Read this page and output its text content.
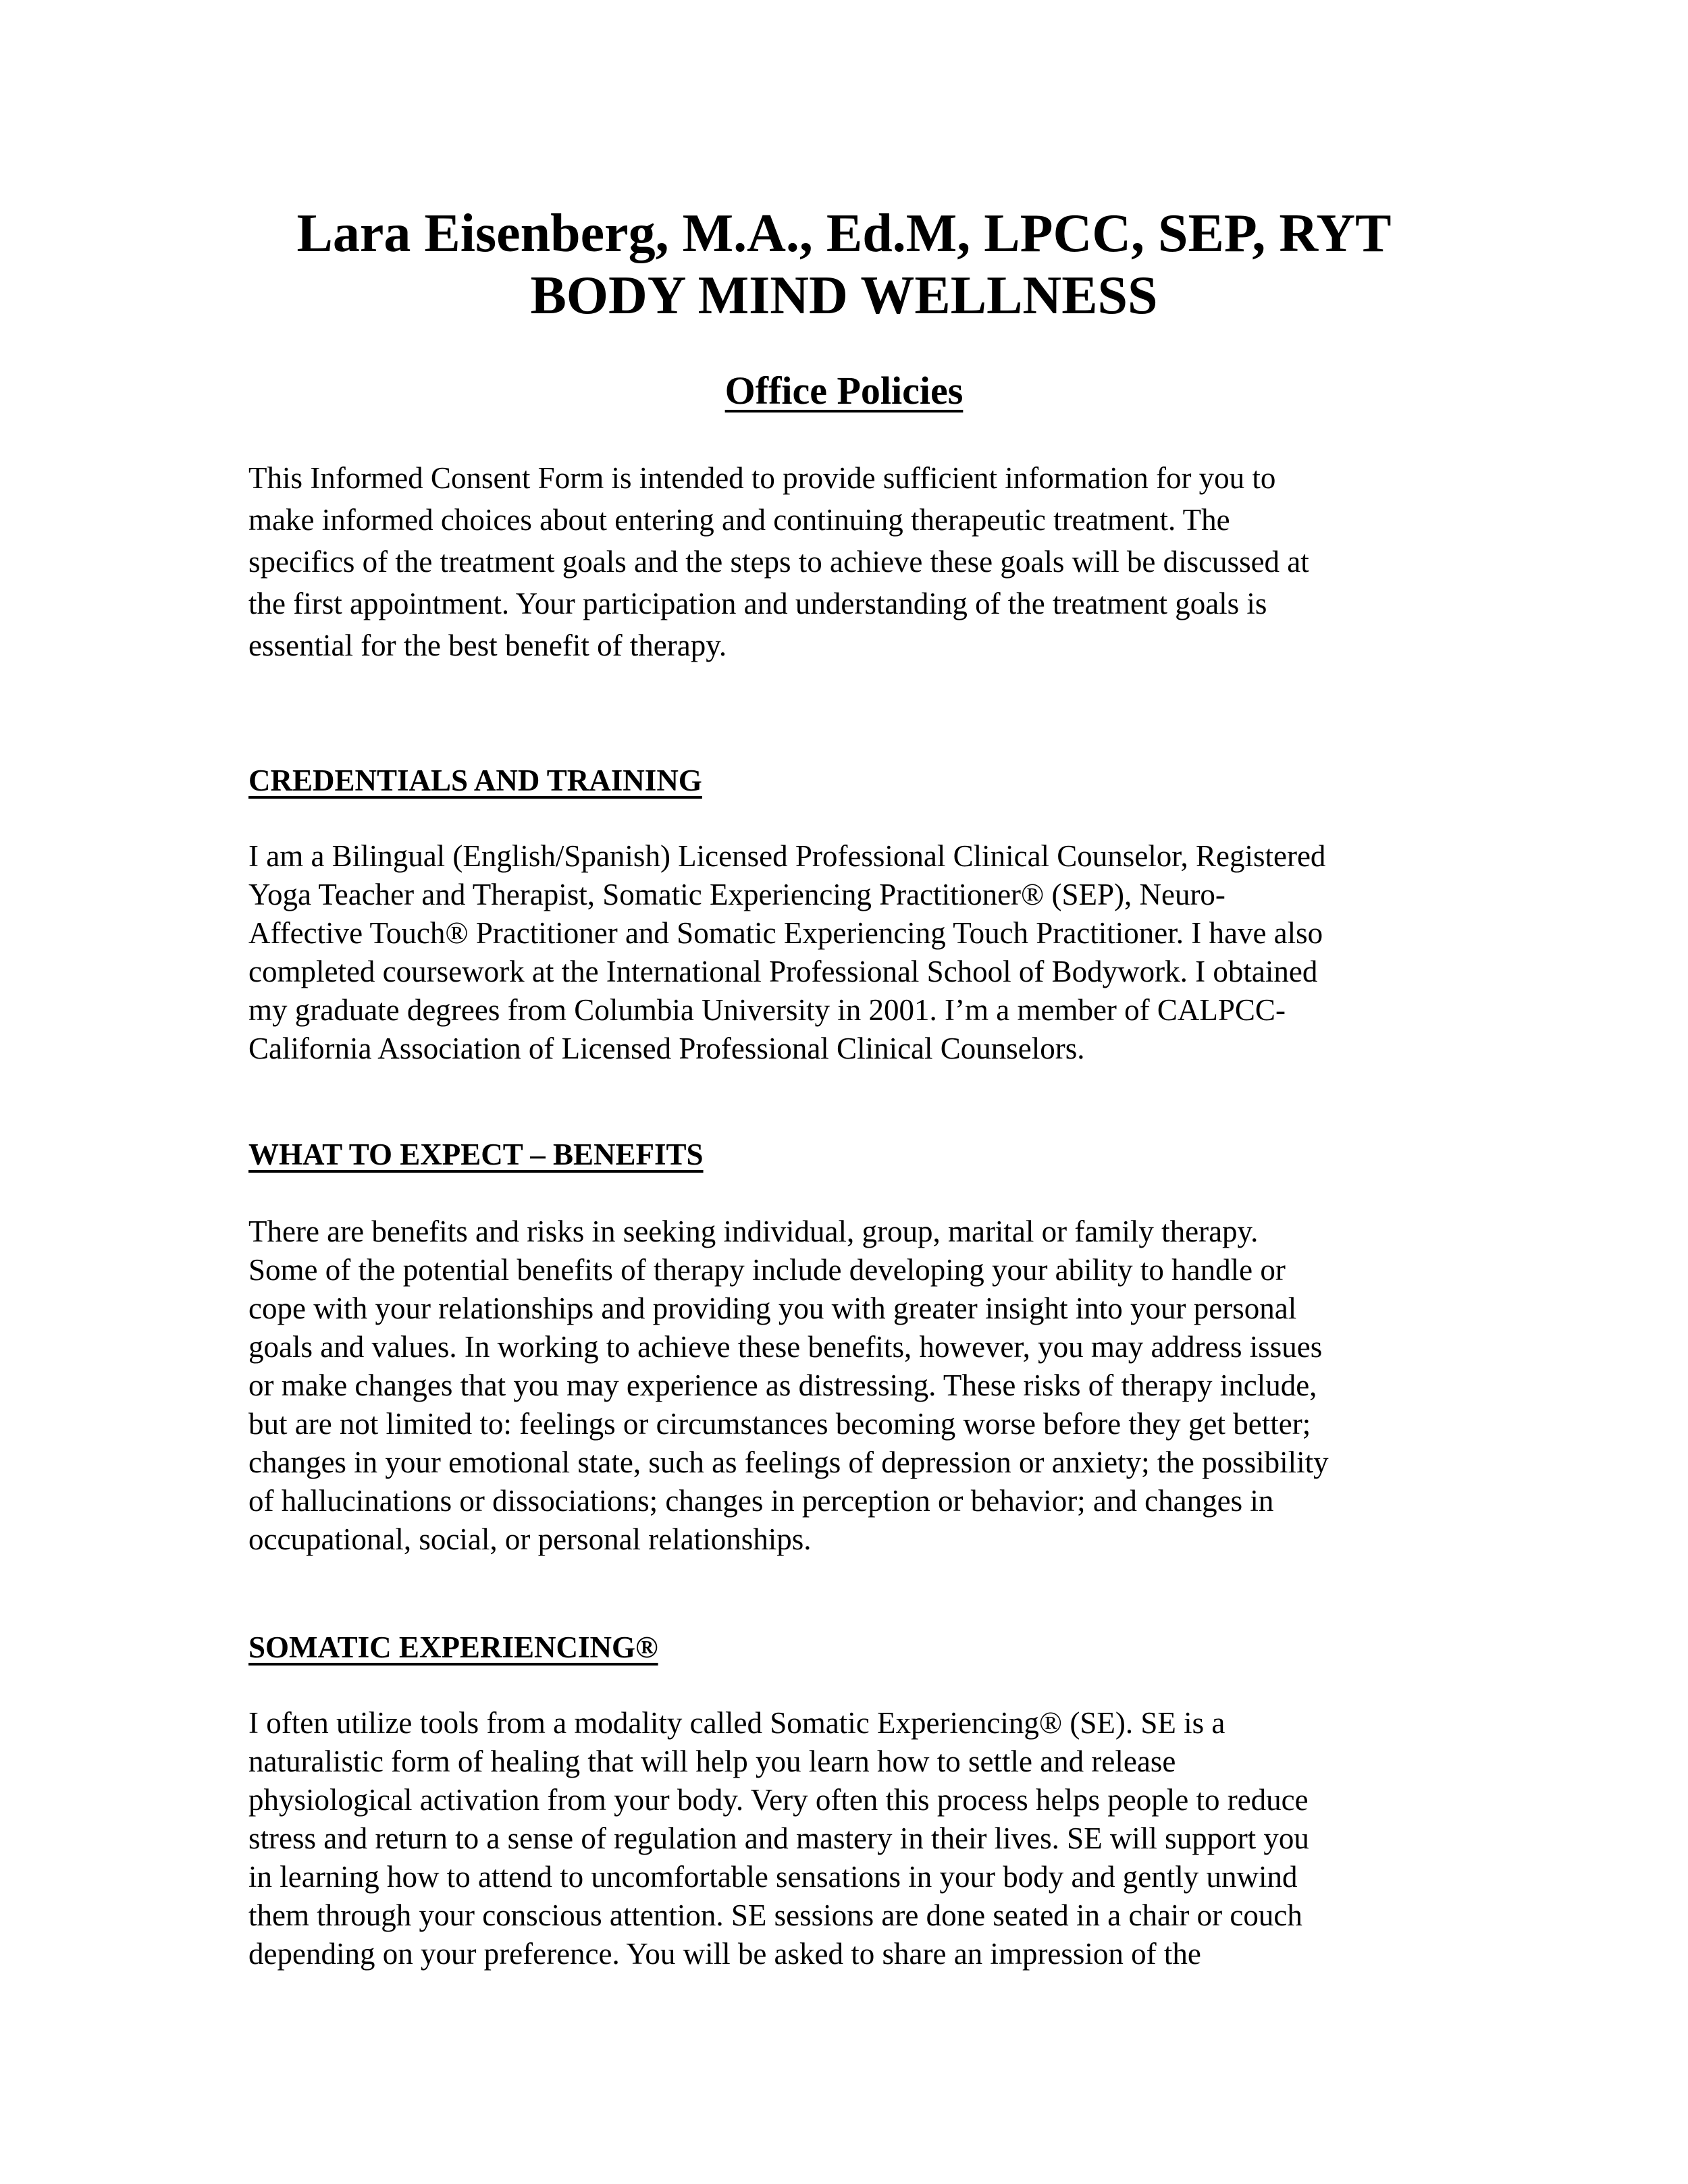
Lara Eisenberg, M.A., Ed.M, LPCC, SEP, RYT
BODY MIND WELLNESS
Office Policies
This Informed Consent Form is intended to provide sufficient information for you to
make informed choices about entering and continuing therapeutic treatment. The
specifics of the treatment goals and the steps to achieve these goals will be discussed at
the first appointment. Your participation and understanding of the treatment goals is
essential for the best benefit of therapy.
CREDENTIALS AND TRAINING
I am a Bilingual (English/Spanish) Licensed Professional Clinical Counselor, Registered
Yoga Teacher and Therapist, Somatic Experiencing Practitioner® (SEP), Neuro-
Affective Touch® Practitioner and Somatic Experiencing Touch Practitioner. I have also
completed coursework at the International Professional School of Bodywork. I obtained
my graduate degrees from Columbia University in 2001. I’m a member of CALPCC-
California Association of Licensed Professional Clinical Counselors.
WHAT TO EXPECT – BENEFITS
There are benefits and risks in seeking individual, group, marital or family therapy.
Some of the potential benefits of therapy include developing your ability to handle or
cope with your relationships and providing you with greater insight into your personal
goals and values. In working to achieve these benefits, however, you may address issues
or make changes that you may experience as distressing. These risks of therapy include,
but are not limited to: feelings or circumstances becoming worse before they get better;
changes in your emotional state, such as feelings of depression or anxiety; the possibility
of hallucinations or dissociations; changes in perception or behavior; and changes in
occupational, social, or personal relationships.
SOMATIC EXPERIENCING®
I often utilize tools from a modality called Somatic Experiencing® (SE). SE is a
naturalistic form of healing that will help you learn how to settle and release
physiological activation from your body. Very often this process helps people to reduce
stress and return to a sense of regulation and mastery in their lives. SE will support you
in learning how to attend to uncomfortable sensations in your body and gently unwind
them through your conscious attention. SE sessions are done seated in a chair or couch
depending on your preference. You will be asked to share an impression of the
